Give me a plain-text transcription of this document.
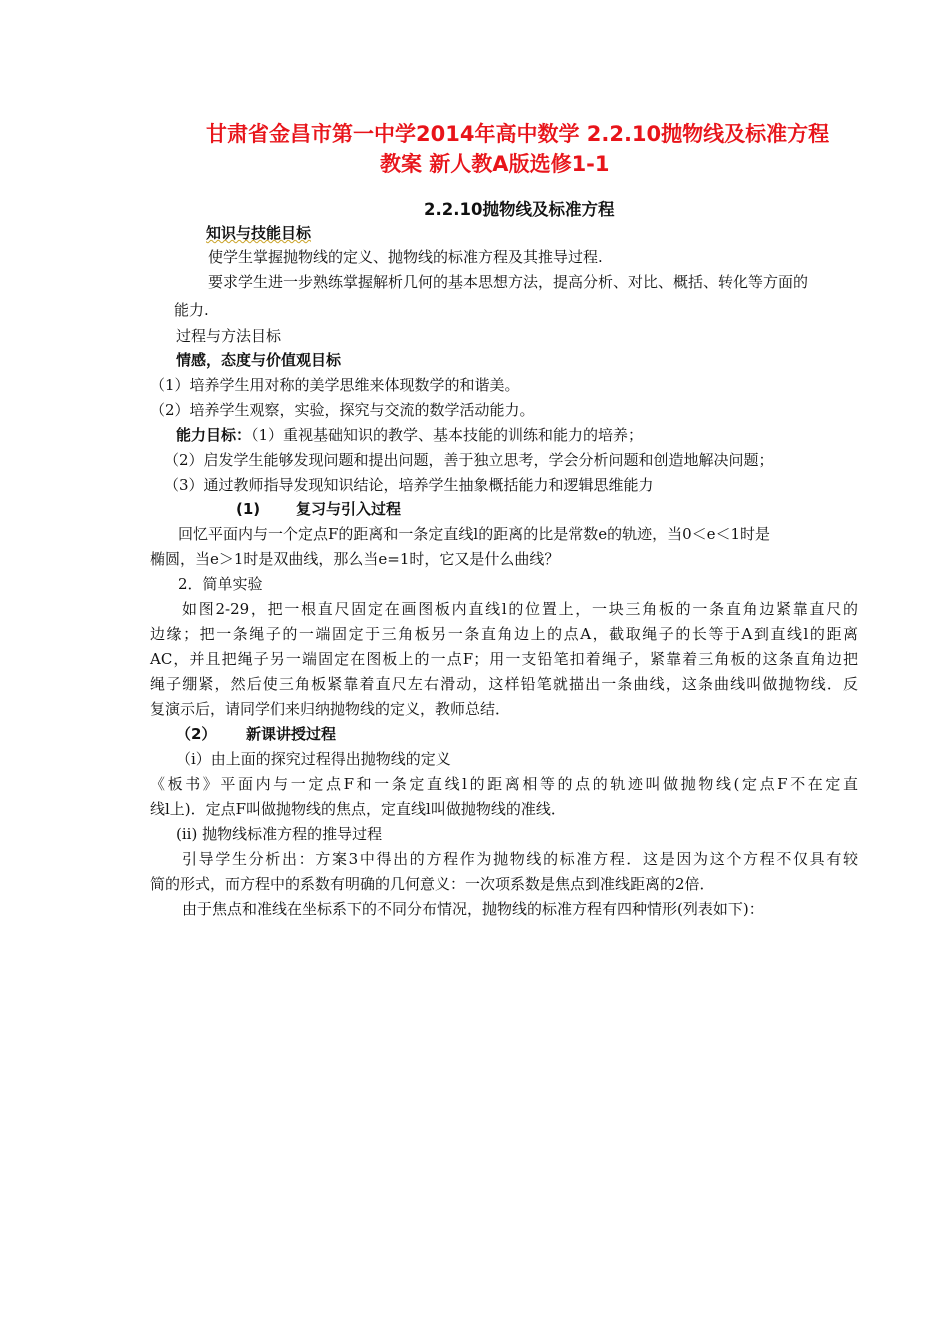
甘肃省金昌市第一中学2014年高中数学 2.2.10抛物线及标准方程
教案 新人教A版选修1-1
2.2.10抛物线及标准方程
知识与技能目标
使学生掌握抛物线的定义、抛物线的标准方程及其推导过程.
要求学生进一步熟练掌握解析几何的基本思想方法，提高分析、对比、概括、转化等方面的
能力.
过程与方法目标
情感，态度与价值观目标
（1）培养学生用对称的美学思维来体现数学的和谐美。
（2）培养学生观察，实验，探究与交流的数学活动能力。
能力目标：（1）重视基础知识的教学、基本技能的训练和能力的培养；
（2）启发学生能够发现问题和提出问题，善于独立思考，学会分析问题和创造地解决问题；
（3）通过教师指导发现知识结论，培养学生抽象概括能力和逻辑思维能力
(1) 复习与引入过程
回忆平面内与一个定点F的距离和一条定直线l的距离的比是常数e的轨迹，当0＜e＜1时是
椭圆，当e＞1时是双曲线，那么当e=1时，它又是什么曲线？
2．简单实验
如图2-29，把一根直尺固定在画图板内直线l的位置上，一块三角板的一条直角边紧靠直尺的
边缘；把一条绳子的一端固定于三角板另一条直角边上的点A，截取绳子的长等于A到直线l的距离
AC，并且把绳子另一端固定在图板上的一点F；用一支铅笔扣着绳子，紧靠着三角板的这条直角边把
绳子绷紧，然后使三角板紧靠着直尺左右滑动，这样铅笔就描出一条曲线，这条曲线叫做抛物线．反
复演示后，请同学们来归纳抛物线的定义，教师总结．
（2） 新课讲授过程
（i）由上面的探究过程得出抛物线的定义
《板书》平面内与一定点F和一条定直线l的距离相等的点的轨迹叫做抛物线(定点F不在定直
线l上)．定点F叫做抛物线的焦点，定直线l叫做抛物线的准线．
(ii) 抛物线标准方程的推导过程
引导学生分析出：方案3中得出的方程作为抛物线的标准方程．这是因为这个方程不仅具有较
简的形式，而方程中的系数有明确的几何意义：一次项系数是焦点到准线距离的2倍．
由于焦点和准线在坐标系下的不同分布情况，抛物线的标准方程有四种情形(列表如下)：
